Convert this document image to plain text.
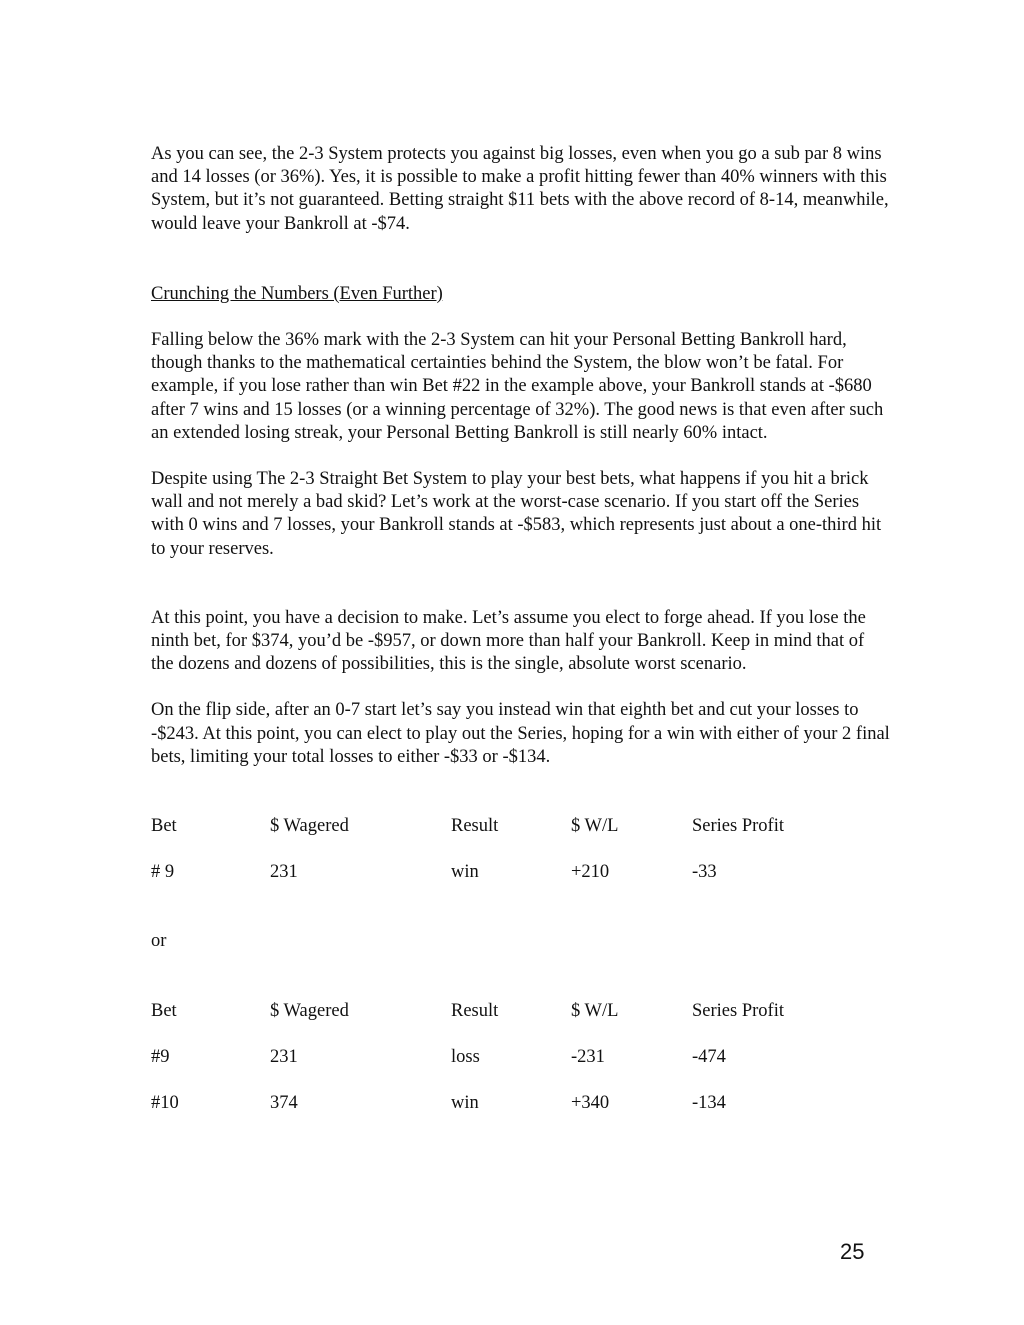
As you can see, the 2-3 System protects you against big losses, even when you go a sub par 8 wins and 14 losses (or 36%). Yes, it is possible to make a profit hitting fewer than 40% winners with this System, but it’s not guaranteed. Betting straight $11 bets with the above record of 8-14, meanwhile, would leave your Bankroll at -$74.

Crunching the Numbers (Even Further)

Falling below the 36% mark with the 2-3 System can hit your Personal Betting Bankroll hard, though thanks to the mathematical certainties behind the System, the blow won’t be fatal. For example, if you lose rather than win Bet #22 in the example above, your Bankroll stands at -$680 after 7 wins and 15 losses (or a winning percentage of 32%). The good news is that even after such an extended losing streak, your Personal Betting Bankroll is still nearly 60% intact.

Despite using The 2-3 Straight Bet System to play your best bets, what happens if you hit a brick wall and not merely a bad skid? Let’s work at the worst-case scenario. If you start off the Series with 0 wins and 7 losses, your Bankroll stands at -$583, which represents just about a one-third hit to your reserves.

At this point, you have a decision to make. Let’s assume you elect to forge ahead. If you lose the ninth bet, for $374, you’d be -$957, or down more than half your Bankroll. Keep in mind that of the dozens and dozens of possibilities, this is the single, absolute worst scenario.

On the flip side, after an 0-7 start let’s say you instead win that eighth bet and cut your losses to -$243. At this point, you can elect to play out the Series, hoping for a win with either of your 2 final bets, limiting your total losses to either -$33 or -$134.

Bet	$ Wagered	Result	$ W/L	Series Profit
# 9	231	win	+210	-33
or
Bet	$ Wagered	Result	$ W/L	Series Profit
#9	231	loss	-231	-474
#10	374	win	+340	-134
25
